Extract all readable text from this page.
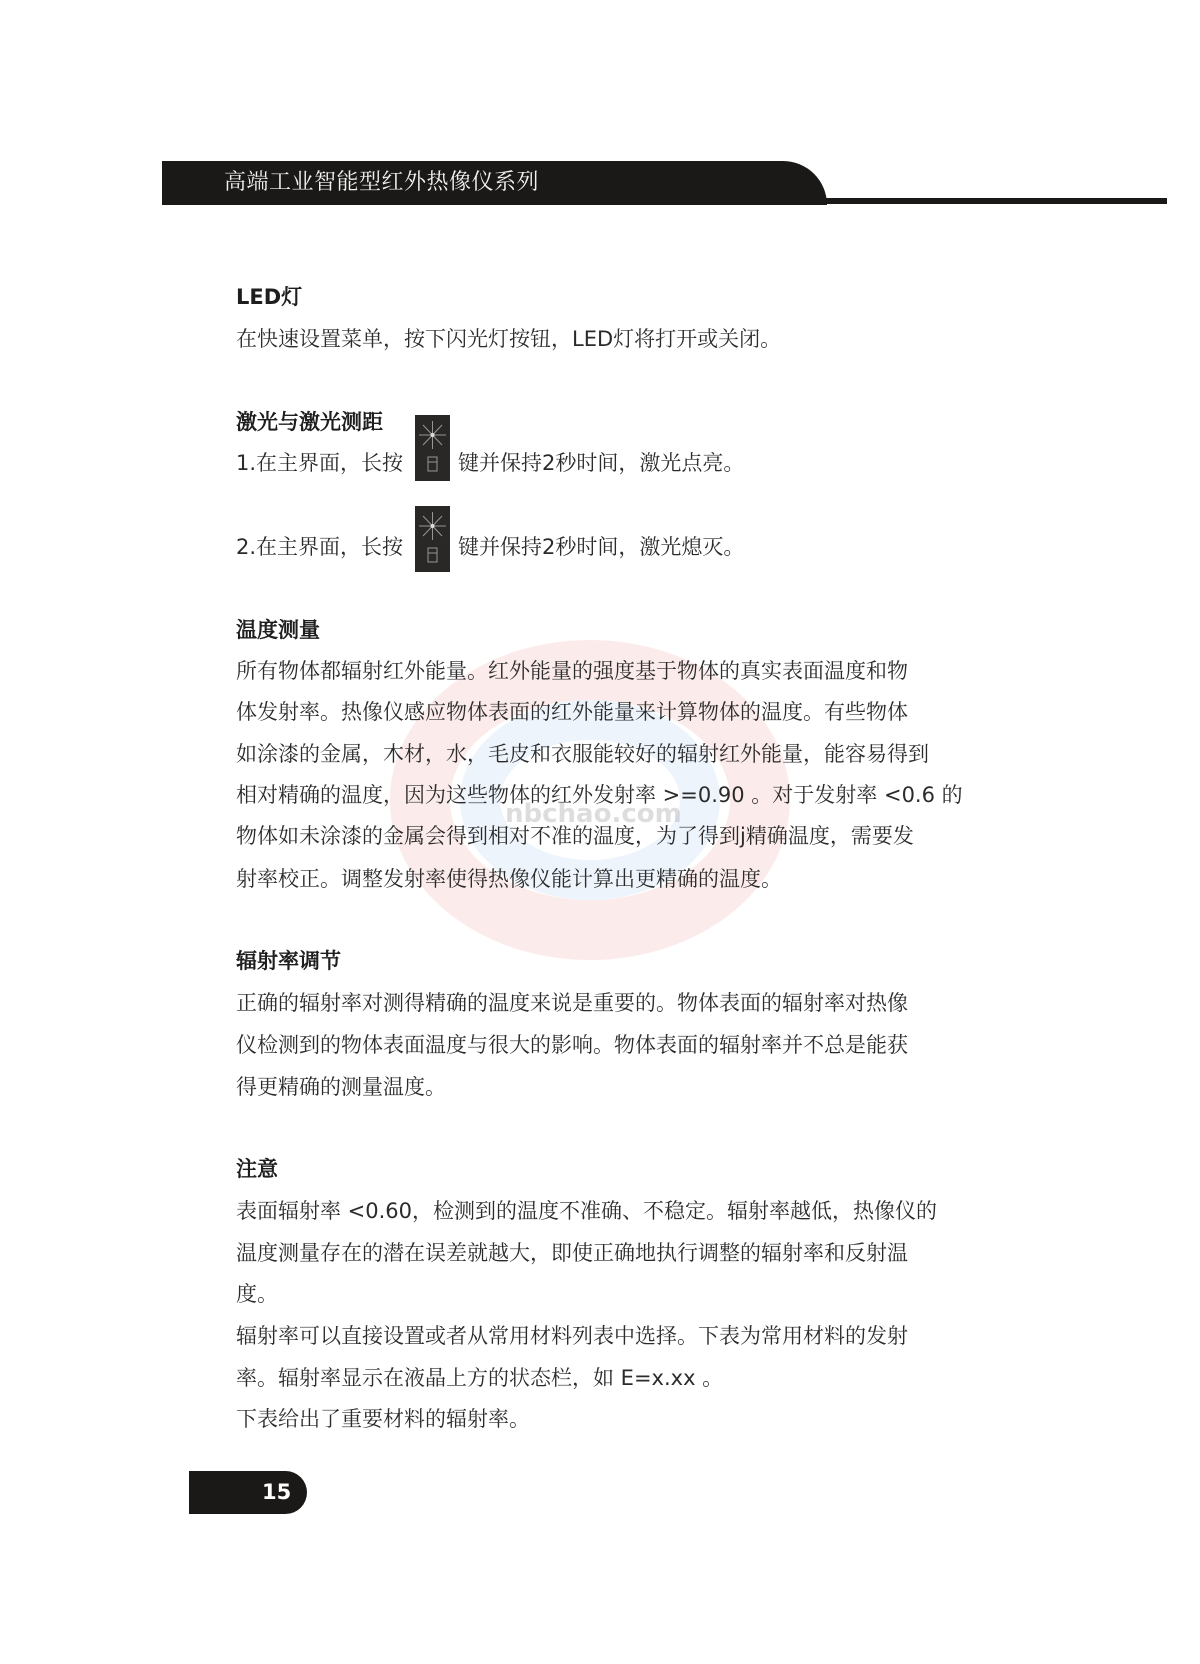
高端工业智能型红外热像仪系列
nbchao.com
LED灯
在快速设置菜单，按下闪光灯按钮，LED灯将打开或关闭。
激光与激光测距
1.在主界面，长按	键并保持2秒时间，激光点亮。
2.在主界面，长按	键并保持2秒时间，激光熄灭。
温度测量
所有物体都辐射红外能量。红外能量的强度基于物体的真实表面温度和物
体发射率。热像仪感应物体表面的红外能量来计算物体的温度。有些物体
如涂漆的金属，木材，水，毛皮和衣服能较好的辐射红外能量，能容易得到
相对精确的温度，因为这些物体的红外发射率 >=0.90 。对于发射率 <0.6 的
物体如未涂漆的金属会得到相对不准的温度，为了得到j精确温度，需要发
射率校正。调整发射率使得热像仪能计算出更精确的温度。
辐射率调节
正确的辐射率对测得精确的温度来说是重要的。物体表面的辐射率对热像
仪检测到的物体表面温度与很大的影响。物体表面的辐射率并不总是能获
得更精确的测量温度。
注意
表面辐射率 <0.60，检测到的温度不准确、不稳定。辐射率越低，热像仪的
温度测量存在的潜在误差就越大，即使正确地执行调整的辐射率和反射温
度。
辐射率可以直接设置或者从常用材料列表中选择。下表为常用材料的发射
率。辐射率显示在液晶上方的状态栏，如 E=x.xx 。
下表给出了重要材料的辐射率。
15
